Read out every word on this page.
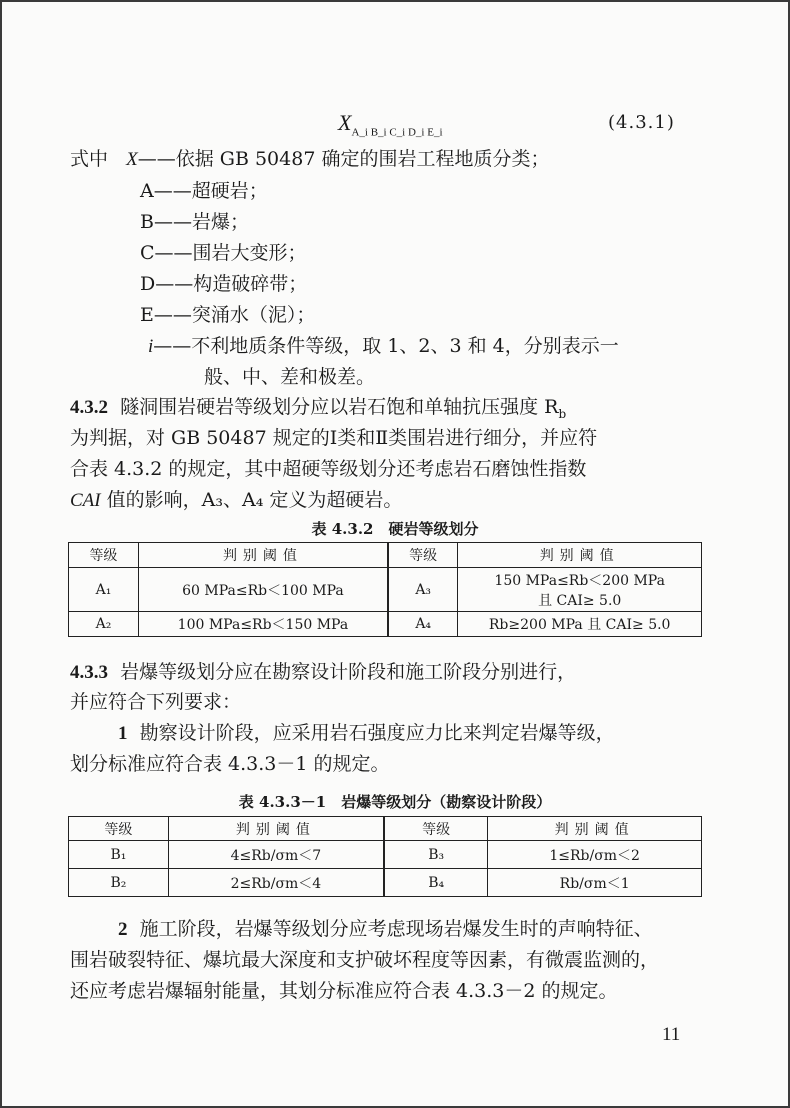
$X_{A\_i B\_i C\_i D\_i E\_i}$	(4.3.1)
式中 X——依据 GB 50487 确定的围岩工程地质分类；
A——超硬岩；
B——岩爆；
C——围岩大变形；
D——构造破碎带；
E——突涌水（泥）；
i——不利地质条件等级，取 1、2、3 和 4，分别表示一
般、中、差和极差。
4.3.2 隧洞围岩硬岩等级划分应以岩石饱和单轴抗压强度 $R_b$
为判据，对 GB 50487 规定的Ⅰ类和Ⅱ类围岩进行细分，并应符
合表 4.3.2 的规定，其中超硬等级划分还考虑岩石磨蚀性指数
CAI 值的影响，A₃、A₄ 定义为超硬岩。
表 4.3.2　硬岩等级划分
等级	判别阈值	等级	判别阈值
A₁	60 MPa≤Rb＜100 MPa	A₃	150 MPa≤Rb＜200 MPa
且 CAI≥ 5.0

A₂	100 MPa≤Rb＜150 MPa	A₄	Rb≥200 MPa 且 CAI≥ 5.0
4.3.3 岩爆等级划分应在勘察设计阶段和施工阶段分别进行，
并应符合下列要求：
1 勘察设计阶段，应采用岩石强度应力比来判定岩爆等级，
划分标准应符合表 4.3.3－1 的规定。
表 4.3.3－1　岩爆等级划分（勘察设计阶段）
等级	判别阈值	等级	判别阈值
B₁	4≤Rb/σm＜7	B₃	1≤Rb/σm＜2
B₂	2≤Rb/σm＜4	B₄	Rb/σm＜1
2 施工阶段，岩爆等级划分应考虑现场岩爆发生时的声响特征、
围岩破裂特征、爆坑最大深度和支护破坏程度等因素，有微震监测的，
还应考虑岩爆辐射能量，其划分标准应符合表 4.3.3－2 的规定。
11
